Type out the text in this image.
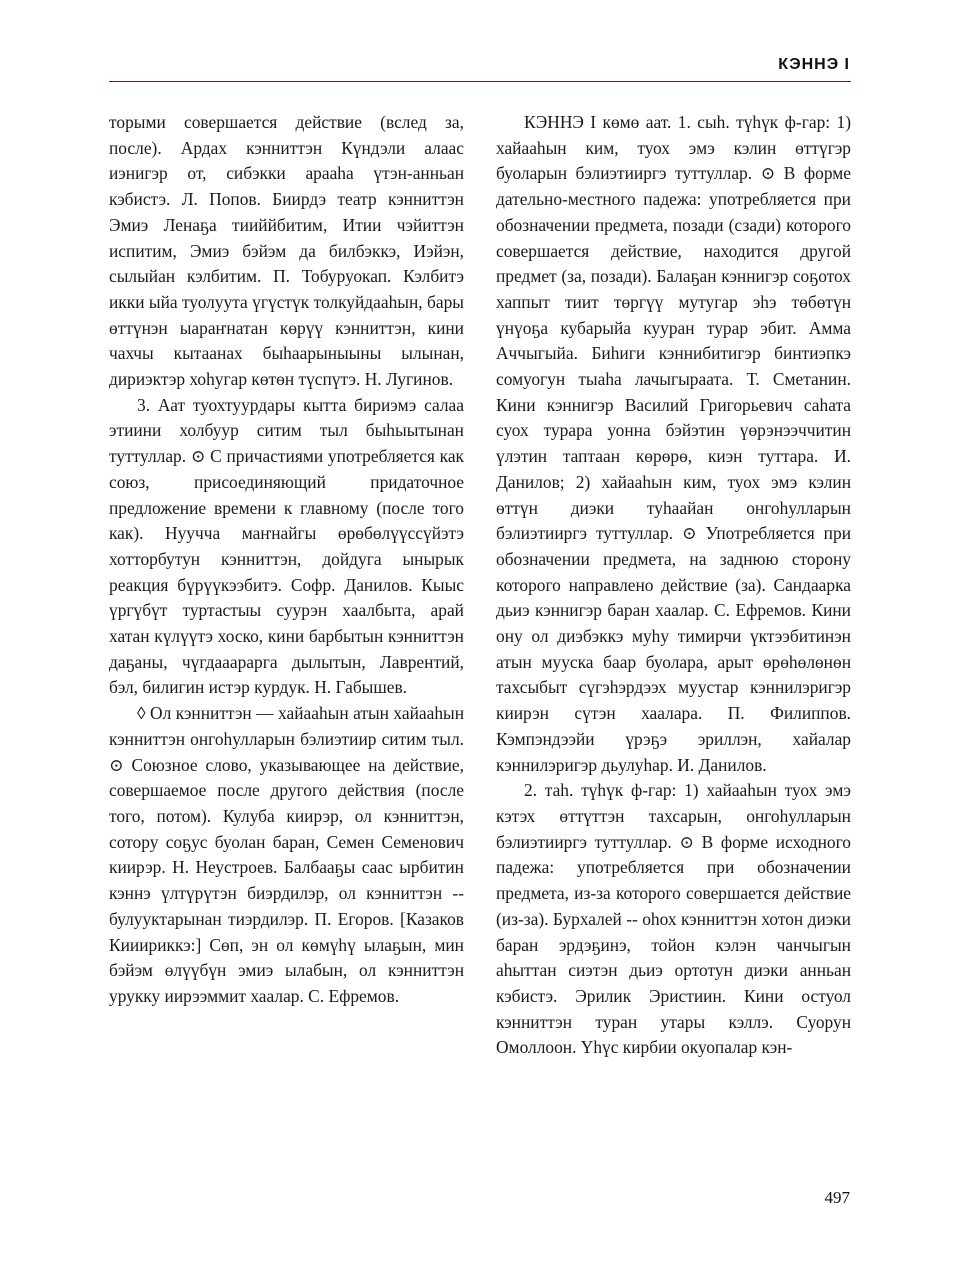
КЭННЭ I

торыми совершается действие (вслед за, после). Ардах кэнниттэн Күндэли алаас иэнигэр от, сибэкки арааһа үтэн-анньан кэбистэ. Л. Попов. Биирдэ театр кэнниттэн Эмиэ Ленаҕа тииййбитим, Итии чэйиттэн испитим, Эмиэ бэйэм да билбэккэ, Иэйэн, сылыйан кэлбитим. П. Тобуруокап. Кэлбитэ икки ыйа туолуута үгүстүк толкуйдааһын, бары өттүнэн ыараҥнатан көрүү кэнниттэн, кини чахчы кытаанах быһаарыныыны ылынан, дириэктэр хоһугар көтөн түспүтэ. Н. Лугинов.

3. Аат туохтуурдары кытта бириэмэ салаа этиини холбуур ситим тыл быһыытынан туттуллар. ⊙ С причастиями употребляется как союз, присоединяющий придаточное предложение времени к главному (после того как). Нуучча маҥнайгы өрөбөлүүссүйэтэ хотторбутун кэнниттэн, дойдуга ынырык реакция бүрүүкээбитэ. Софр. Данилов. Кыыс үргүбүт туртастыы суурэн хаалбыта, арай хатан күлүүтэ хоско, кини барбытын кэнниттэн даҕаны, чүгдааарарга дылытын, Лаврентий, бэл, билигин истэр курдук. Н. Габышев.

◊ Ол кэнниттэн — хайааһын атын хайааһын кэнниттэн онгоһулларын бэлиэтиир ситим тыл. ⊙ Союзное слово, указывающее на действие, совершаемое после другого действия (после того, потом). Кулуба киирэр, ол кэнниттэн, сотору соҕус буолан баран, Семен Семенович киирэр. Н. Неустроев. Балбааҕы саас ырбитин кэннэ үлтүрүтэн биэрдилэр, ол кэнниттэн -- булууктарынан тиэрдилэр. П. Егоров. [Казаков Кииириккэ:] Сөп, эн ол көмүһү ылаҕын, мин бэйэм өлүүбүн эмиэ ылабын, ол кэнниттэн урукку иирээммит хаалар. С. Ефремов.

КЭННЭ I көмө аат. 1. сыһ. түһүк ф-гар: 1) хайааһын ким, туох эмэ кэлин өттүгэр буоларын бэлиэтииргэ туттуллар. ⊙ В форме дательно-местного падежа: употребляется при обозначении предмета, позади (сзади) которого совершается действие, находится другой предмет (за, позади). Балаҕан кэннигэр соҕотох хаппыт тиит төргүү мутугар эһэ төбөтүн үнүоҕа кубарыйа кууран турар эбит. Амма Аччыгыйа. Биһиги кэннибитигэр бинтиэпкэ сомуогун тыаһа лачыгыраата. Т. Сметанин. Кини кэннигэр Василий Григорьевич саһата суох турара уонна бэйэтин үөрэнээччитин үлэтин таптаан көрөрө, киэн туттара. И. Данилов; 2) хайааһын ким, туох эмэ кэлин өттүн диэки туһаайан онгоһулларын бэлиэтииргэ туттуллар. ⊙ Употребляется при обозначении предмета, на заднюю сторону которого направлено действие (за). Сандаарка дьиэ кэннигэр баран хаалар. С. Ефремов. Кини ону ол диэбэккэ муһу тимирчи үктээбитинэн атын мууска баар буолара, арыт өрөһөлөнөн тахсыбыт сүгэһэрдээх муустар кэннилэригэр киирэн сүтэн хаалара. П. Филиппов. Кэмпэндээйи үрэҕэ эриллэн, хайалар кэннилэригэр дьулуһар. И. Данилов.

2. таһ. түһүк ф-гар: 1) хайааһын туох эмэ кэтэх өттүттэн тахсарын, онгоһулларын бэлиэтииргэ туттуллар. ⊙ В форме исходного падежа: употребляется при обозначении предмета, из-за которого совершается действие (из-за). Бурхалей -- оһох кэнниттэн хотон диэки баран эрдэҕинэ, тойон кэлэн чанчыгын аһыттан сиэтэн дьиэ ортотун диэки анньан кэбистэ. Эрилик Эристиин. Кини остуол кэнниттэн туран утары кэллэ. Суорун Омоллоон. Үһүс кирбии окуопалар кэн-

497
